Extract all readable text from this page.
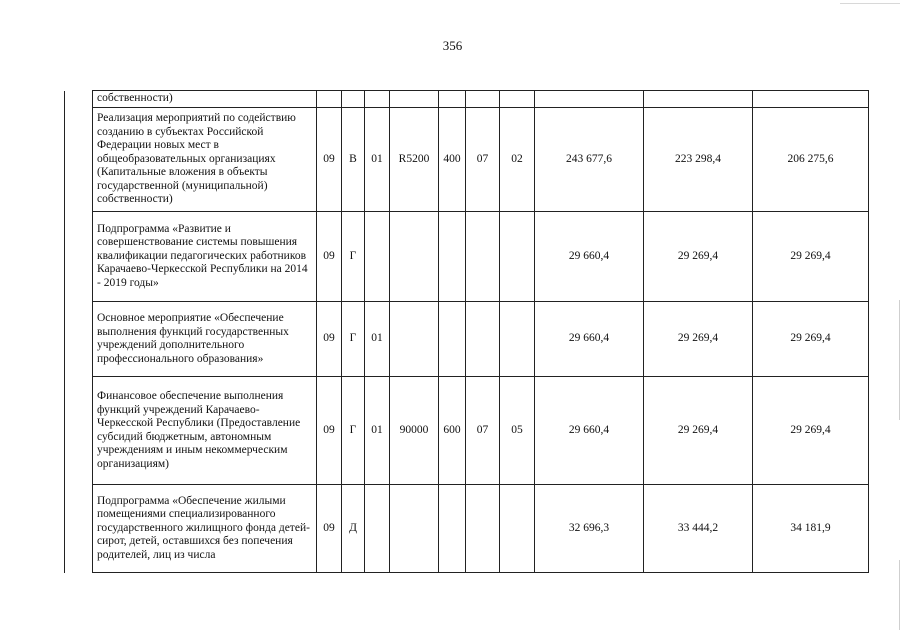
356
	собственности)										
	Реализация мероприятий по содействию созданию в субъектах Российской Федерации новых мест в общеобразовательных организациях (Капитальные вложения в объекты государственной (муниципальной) собственности)	09	В	01	R5200	400	07	02	243 677,6	223 298,4	206 275,6
	Подпрограмма «Развитие и совершенствование системы повышения квалификации педагогических работников Карачаево-Черкесской Республики на 2014 - 2019 годы»	09	Г						29 660,4	29 269,4	29 269,4
	Основное мероприятие «Обеспечение выполнения функций государственных учреждений дополнительного профессионального образования»	09	Г	01					29 660,4	29 269,4	29 269,4
	Финансовое обеспечение выполнения функций учреждений Карачаево-Черкесской Республики (Предоставление субсидий бюджетным, автономным учреждениям и иным некоммерческим организациям)	09	Г	01	90000	600	07	05	29 660,4	29 269,4	29 269,4
	Подпрограмма «Обеспечение жилыми помещениями специализированного государственного жилищного фонда детей-сирот, детей, оставшихся без попечения родителей, лиц из числа	09	Д						32 696,3	33 444,2	34 181,9
